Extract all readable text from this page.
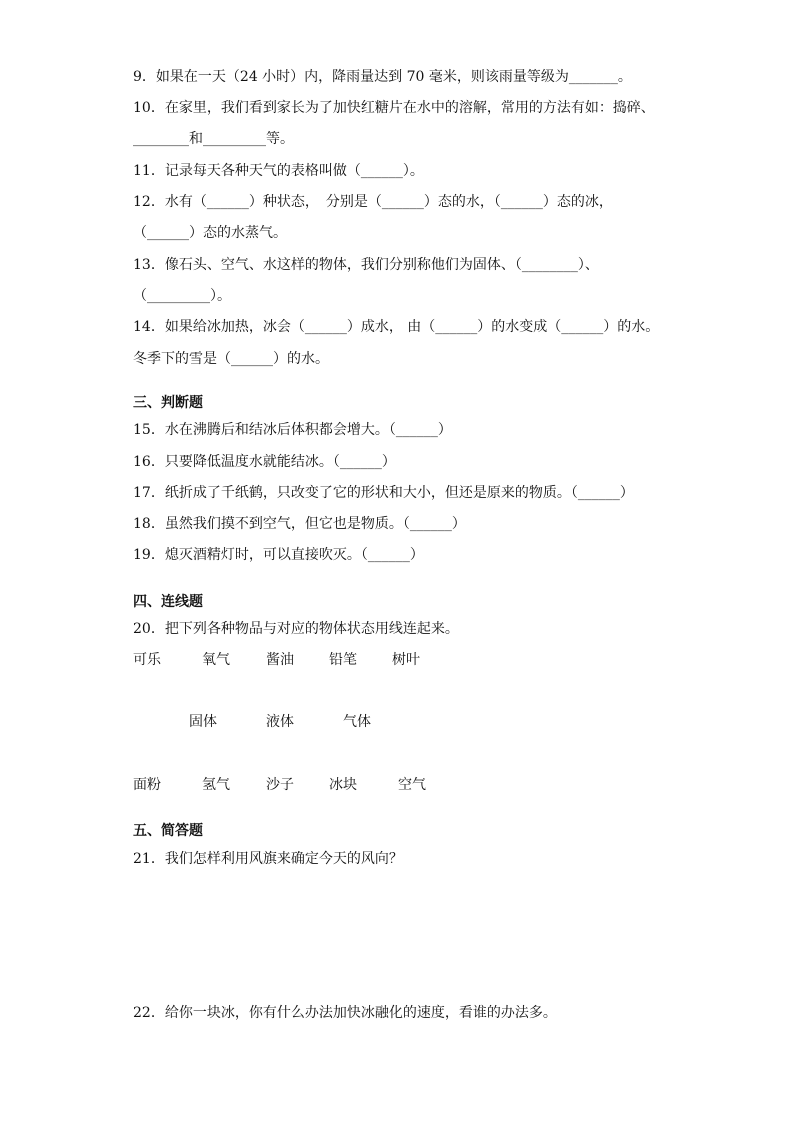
9．如果在一天（24 小时）内，降雨量达到 70 毫米，则该雨量等级为_______。
10．在家里，我们看到家长为了加快红糖片在水中的溶解，常用的方法有如：捣碎、
________和_________等。
11．记录每天各种天气的表格叫做（______）。
12．水有（______）种状态，　分别是（______）态的水，（______）态的冰，
（______）态的水蒸气。
13．像石头、空气、水这样的物体，我们分别称他们为固体、（________）、
（_________）。
14．如果给冰加热，冰会（______）成水， 由（______）的水变成（______）的水。
冬季下的雪是（______）的水。
三、判断题
15．水在沸腾后和结冰后体积都会增大。（______）
16．只要降低温度水就能结冰。（______）
17．纸折成了千纸鹤，只改变了它的形状和大小，但还是原来的物质。（______）
18．虽然我们摸不到空气，但它也是物质。（______）
19．熄灭酒精灯时，可以直接吹灭。（______）
四、连线题
20．把下列各种物品与对应的物体状态用线连起来。
可乐	氧气	酱油	铅笔	树叶
固体	液体	气体
面粉	氢气	沙子	冰块	空气
五、简答题
21．我们怎样利用风旗来确定今天的风向？
22．给你一块冰，你有什么办法加快冰融化的速度，看谁的办法多。
